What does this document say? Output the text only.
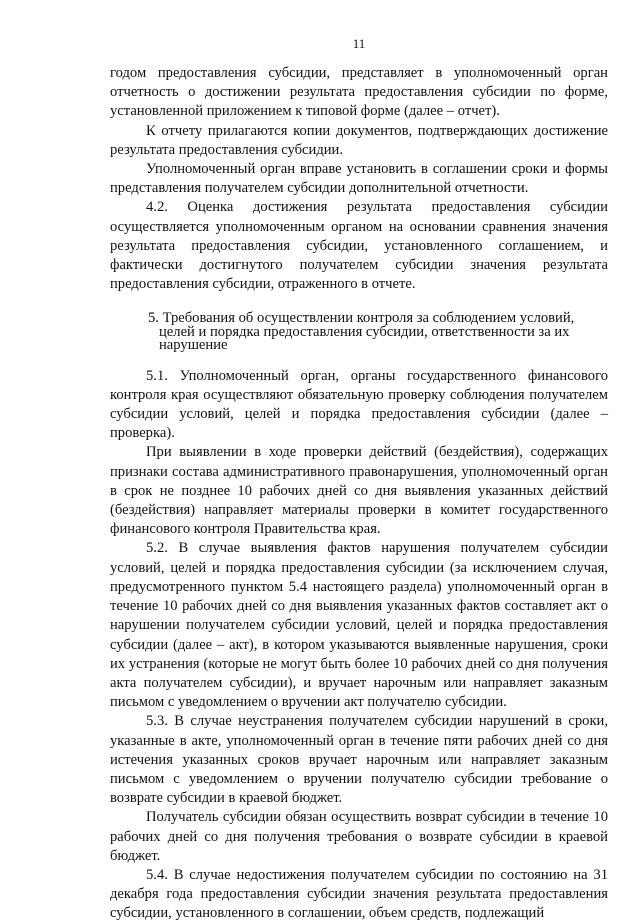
11

годом предоставления субсидии, представляет в уполномоченный орган отчетность о достижении результата предоставления субсидии по форме, установленной приложением к типовой форме (далее – отчет).

К отчету прилагаются копии документов, подтверждающих достижение результата предоставления субсидии.

Уполномоченный орган вправе установить в соглашении сроки и формы представления получателем субсидии дополнительной отчетности.

4.2. Оценка достижения результата предоставления субсидии осуществляется уполномоченным органом на основании сравнения значения результата предоставления субсидии, установленного соглашением, и фактически достигнутого получателем субсидии значения результата предоставления субсидии, отраженного в отчете.

5. Требования об осуществлении контроля за соблюдением условий,
целей и порядка предоставления субсидии, ответственности за их
нарушение

5.1. Уполномоченный орган, органы государственного финансового контроля края осуществляют обязательную проверку соблюдения получателем субсидии условий, целей и порядка предоставления субсидии (далее – проверка).

При выявлении в ходе проверки действий (бездействия), содержащих признаки состава административного правонарушения, уполномоченный орган в срок не позднее 10 рабочих дней со дня выявления указанных действий (бездействия) направляет материалы проверки в комитет государственного финансового контроля Правительства края.

5.2. В случае выявления фактов нарушения получателем субсидии условий, целей и порядка предоставления субсидии (за исключением случая, предусмотренного пунктом 5.4 настоящего раздела) уполномоченный орган в течение 10 рабочих дней со дня выявления указанных фактов составляет акт о нарушении получателем субсидии условий, целей и порядка предоставления субсидии (далее – акт), в котором указываются выявленные нарушения, сроки их устранения (которые не могут быть более 10 рабочих дней со дня получения акта получателем субсидии), и вручает нарочным или направляет заказным письмом с уведомлением о вручении акт получателю субсидии.

5.3. В случае неустранения получателем субсидии нарушений в сроки, указанные в акте, уполномоченный орган в течение пяти рабочих дней со дня истечения указанных сроков вручает нарочным или направляет заказным письмом с уведомлением о вручении получателю субсидии требование о возврате субсидии в краевой бюджет.

Получатель субсидии обязан осуществить возврат субсидии в течение 10 рабочих дней со дня получения требования о возврате субсидии в краевой бюджет.

5.4. В случае недостижения получателем субсидии по состоянию на 31 декабря года предоставления субсидии значения результата предоставления субсидии, установленного в соглашении, объем средств, подлежащий
